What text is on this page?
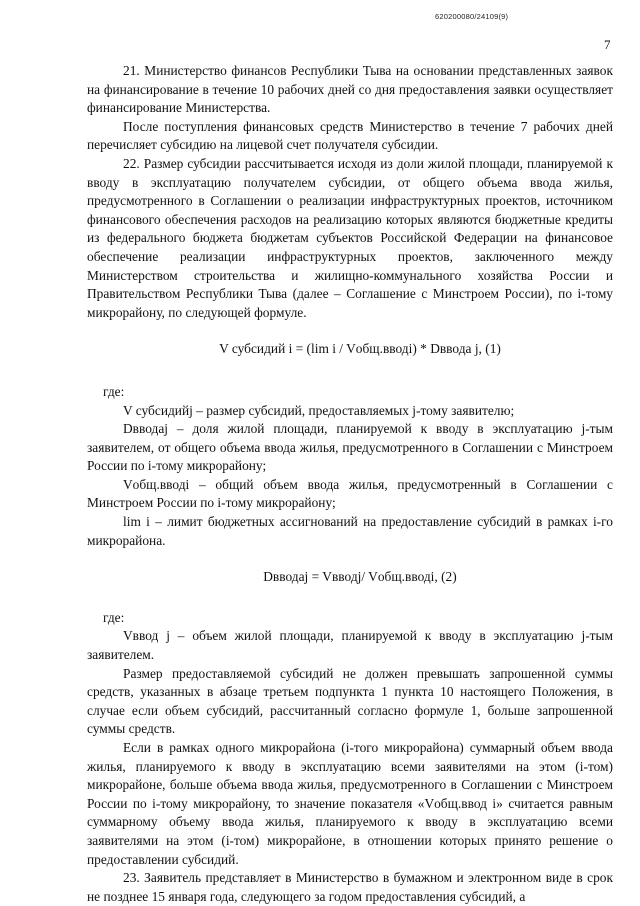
620200080/24109(9)
7

21. Министерство финансов Республики Тыва на основании представленных заявок на финансирование в течение 10 рабочих дней со дня предоставления заявки осуществляет финансирование Министерства.

После поступления финансовых средств Министерство в течение 7 рабочих дней перечисляет субсидию на лицевой счет получателя субсидии.

22. Размер субсидии рассчитывается исходя из доли жилой площади, планируемой к вводу в эксплуатацию получателем субсидии, от общего объема ввода жилья, предусмотренного в Соглашении о реализации инфраструктурных проектов, источником финансового обеспечения расходов на реализацию которых являются бюджетные кредиты из федерального бюджета бюджетам субъектов Российской Федерации на финансовое обеспечение реализации инфраструктурных проектов, заключенного между Министерством строительства и жилищно-коммунального хозяйства России и Правительством Республики Тыва (далее – Соглашение с Минстроем России), по i-тому микрорайону, по следующей формуле.

V субсидий i = (lim i / Vобщ.вводi) * Dввода j, (1)
где:

V субсидийj – размер субсидий, предоставляемых j-тому заявителю;

Dвводаj – доля жилой площади, планируемой к вводу в эксплуатацию j-тым заявителем, от общего объема ввода жилья, предусмотренного в Соглашении с Минстроем России по i-тому микрорайону;

Vобщ.вводi – общий объем ввода жилья, предусмотренный в Соглашении с Минстроем России по i-тому микрорайону;

lim i – лимит бюджетных ассигнований на предоставление субсидий в рамках i-го микрорайона.

Dвводаj = Vвводj/ Vобщ.вводi, (2)
где:

Vввод j – объем жилой площади, планируемой к вводу в эксплуатацию j-тым заявителем.

Размер предоставляемой субсидий не должен превышать запрошенной суммы средств, указанных в абзаце третьем подпункта 1 пункта 10 настоящего Положения, в случае если объем субсидий, рассчитанный согласно формуле 1, больше запрошенной суммы средств.

Если в рамках одного микрорайона (i-того микрорайона) суммарный объем ввода жилья, планируемого к вводу в эксплуатацию всеми заявителями на этом (i-том) микрорайоне, больше объема ввода жилья, предусмотренного в Соглашении с Минстроем России по i-тому микрорайону, то значение показателя «Vобщ.ввод i» считается равным суммарному объему ввода жилья, планируемого к вводу в эксплуатацию всеми заявителями на этом (i-том) микрорайоне, в отношении которых принято решение о предоставлении субсидий.

23. Заявитель представляет в Министерство в бумажном и электронном виде в срок не позднее 15 января года, следующего за годом предоставления субсидий, а
